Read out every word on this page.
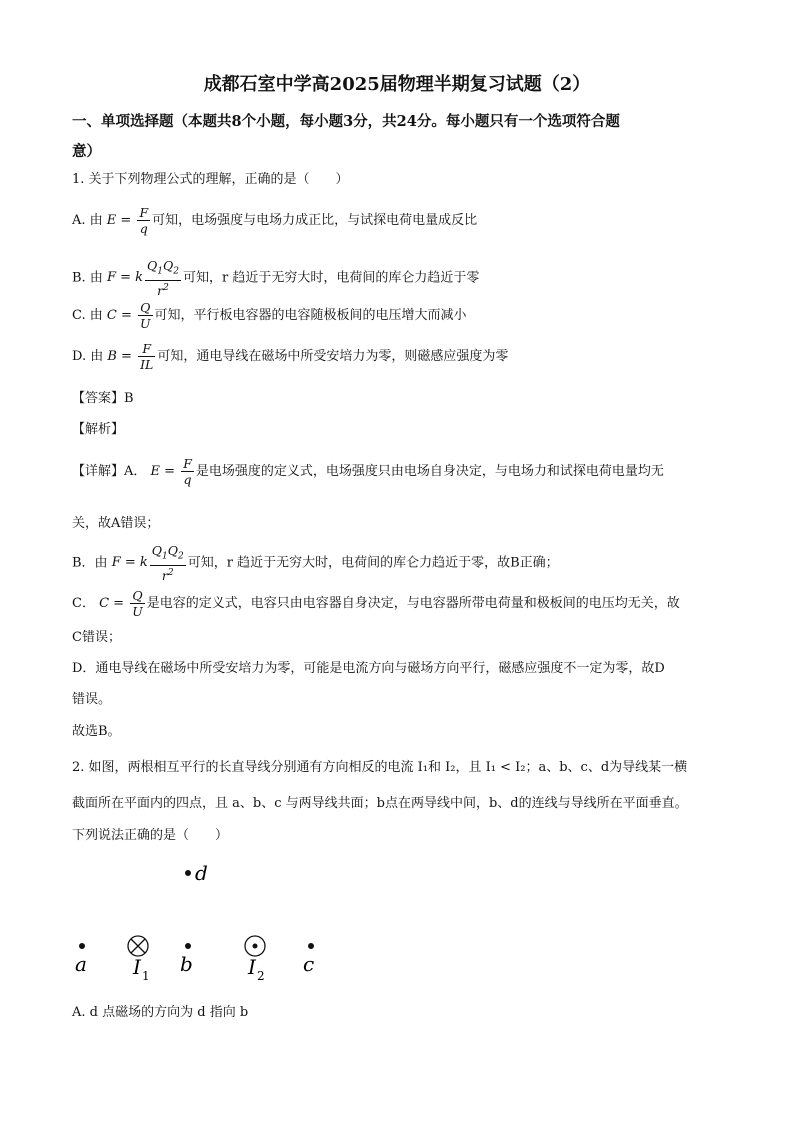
成都石室中学高2025届物理半期复习试题（2）
一、单项选择题（本题共8个小题，每小题3分，共24分。每小题只有一个选项符合题
意）
1. 关于下列物理公式的理解，正确的是（　　）
A. 由 $E = \frac{F}{q}$ 可知，电场强度与电场力成正比，与试探电荷电量成反比
B. 由 F = k $\frac{Q_1Q_2}{r^2}$ 可知，r 趋近于无穷大时，电荷间的库仑力趋近于零
C. 由 $C = \frac{Q}{U}$ 可知，平行板电容器的电容随极板间的电压增大而减小
D. 由 $B = \frac{F}{IL}$ 可知，通电导线在磁场中所受安培力为零，则磁感应强度为零
【答案】B
【解析】
【详解】A． $E = \frac{F}{q}$ 是电场强度的定义式，电场强度只由电场自身决定，与电场力和试探电荷电量均无
关，故A错误；
B．由 F = k $\frac{Q_1Q_2}{r^2}$ 可知，r 趋近于无穷大时，电荷间的库仑力趋近于零，故B正确；
C． $C = \frac{Q}{U}$ 是电容的定义式，电容只由电容器自身决定，与电容器所带电荷量和极板间的电压均无关，故
C错误；
D．通电导线在磁场中所受安培力为零，可能是电流方向与磁场方向平行，磁感应强度不一定为零，故D
错误。
故选B。
2. 如图，两根相互平行的长直导线分别通有方向相反的电流 I₁和 I₂，且 I₁ < I₂；a、b、c、d为导线某一横
截面所在平面内的四点，且 a、b、c 与两导线共面；b点在两导线中间，b、d的连线与导线所在平面垂直。
下列说法正确的是（　　）
d
a I 1 b	I 2 c
A. d 点磁场的方向为 d 指向 b
